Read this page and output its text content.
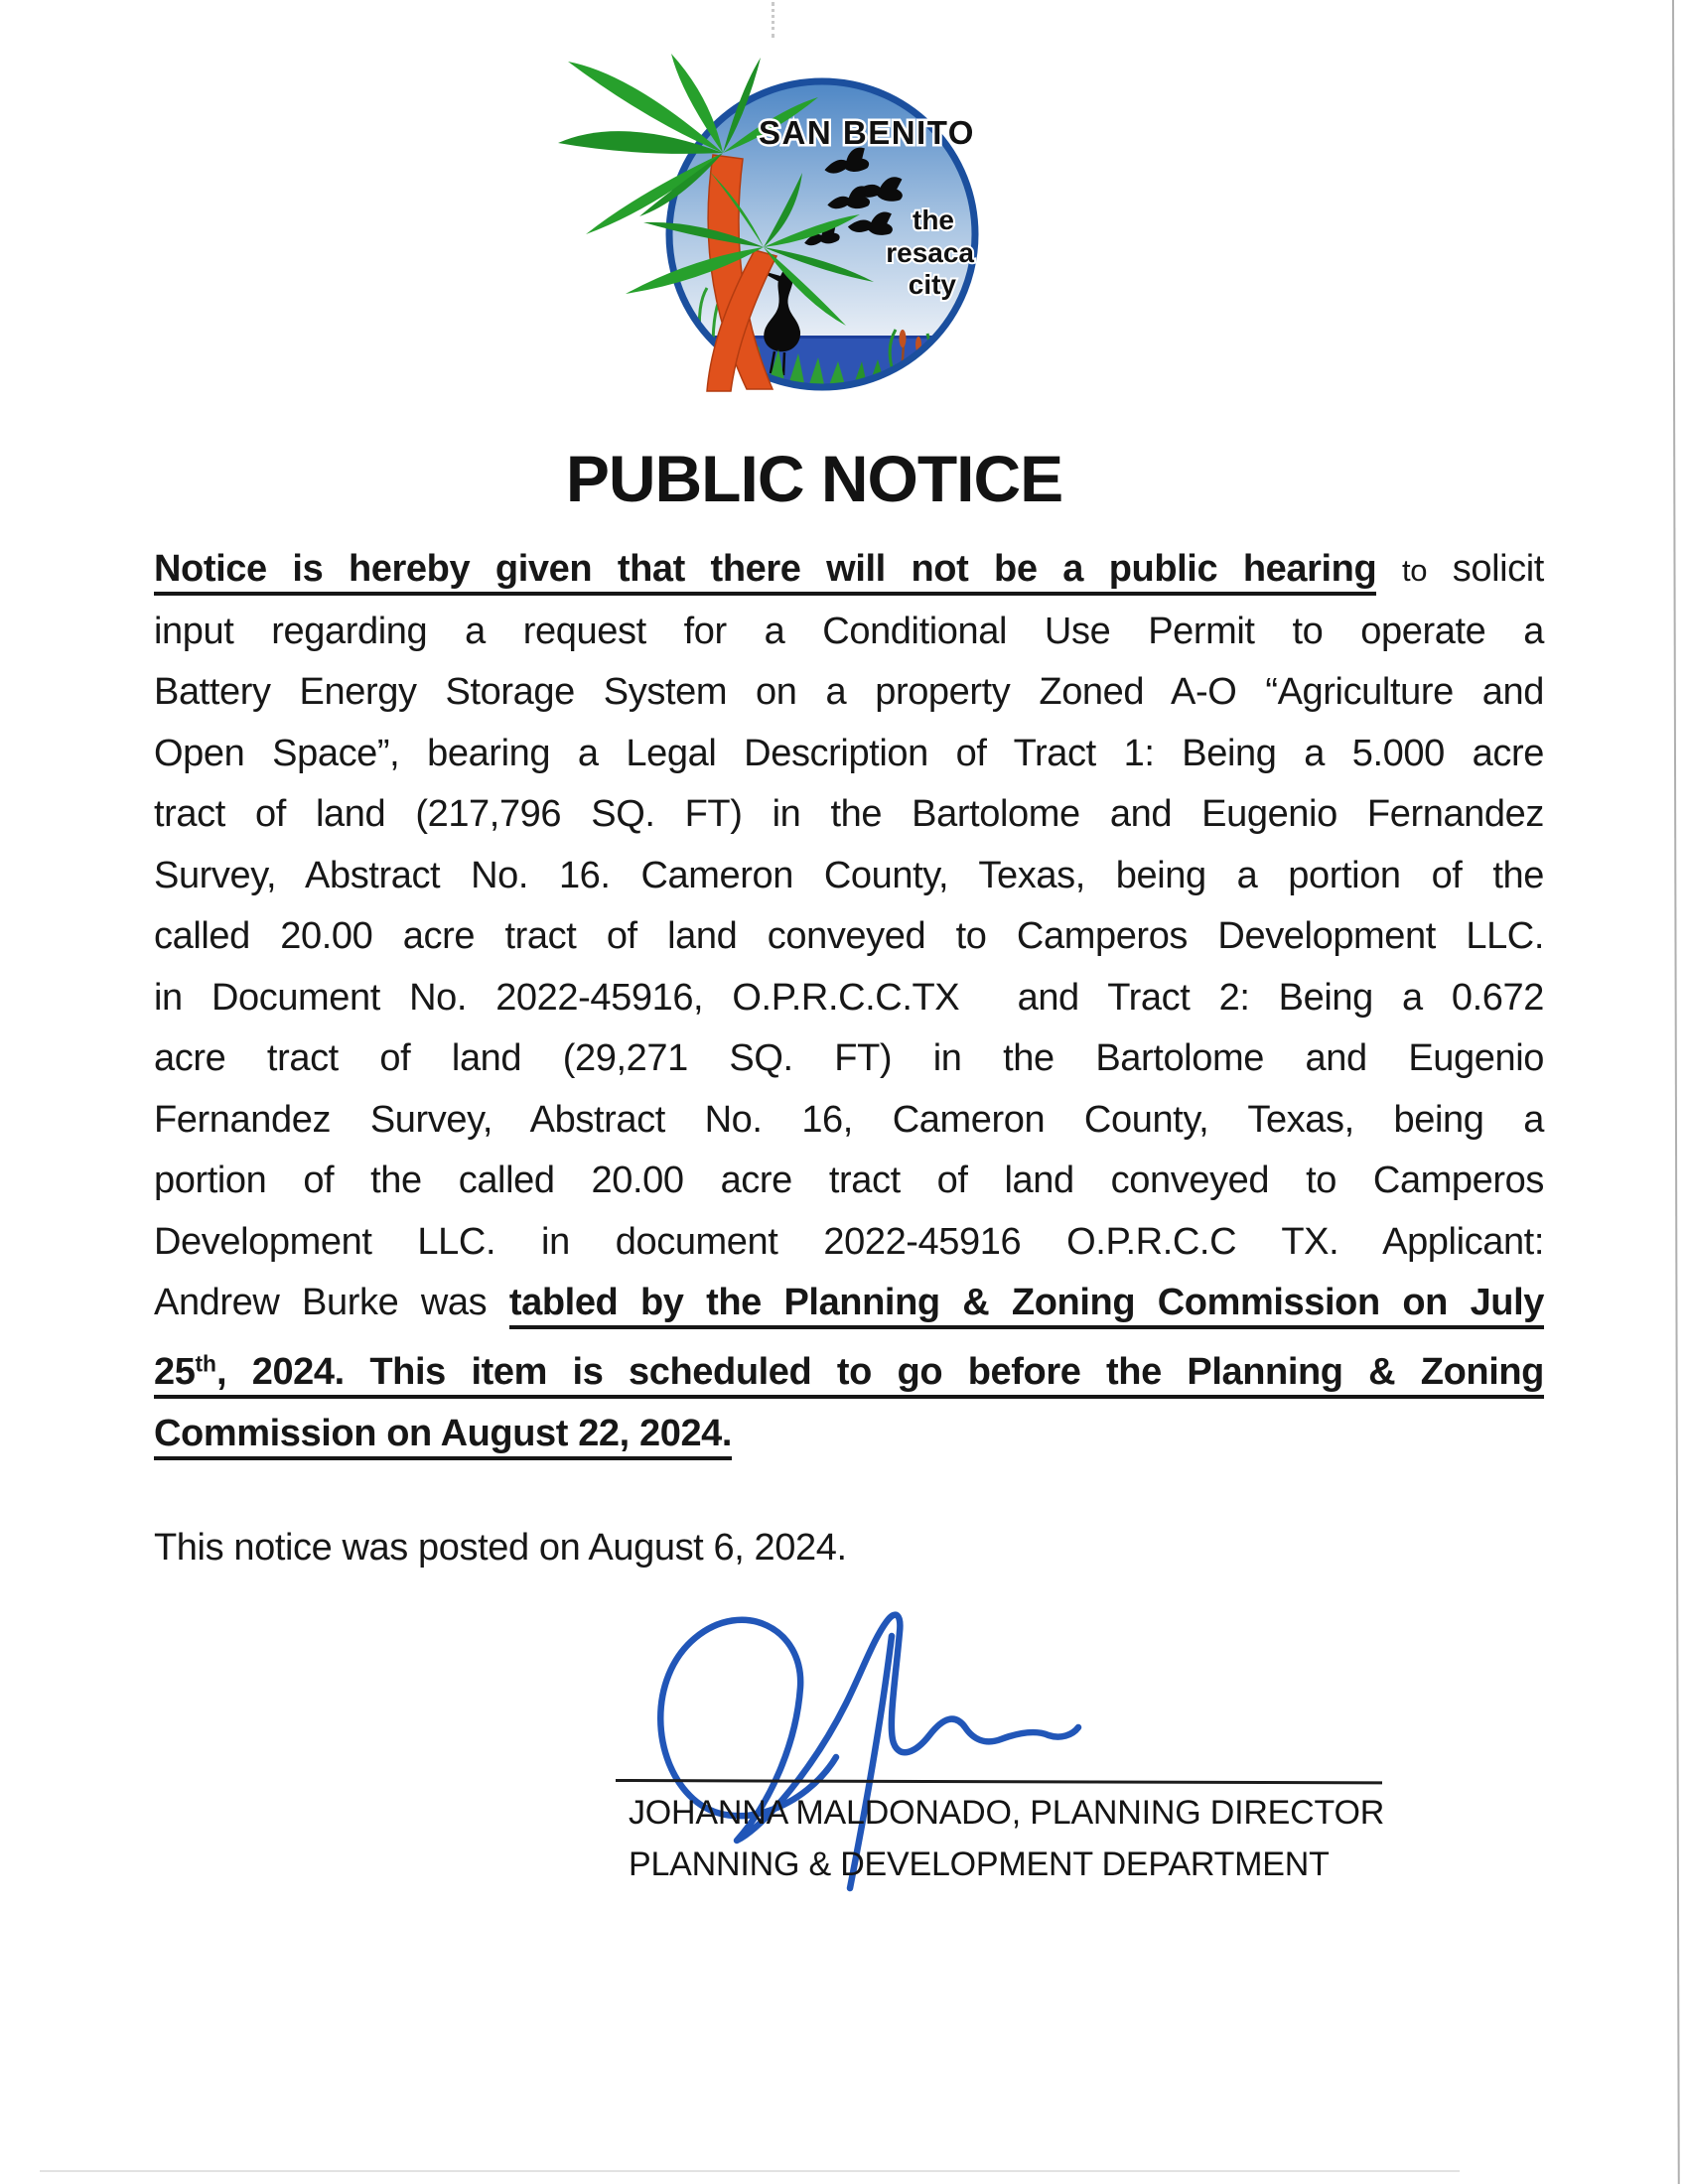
SAN BENITO
the
resaca
city
PUBLIC NOTICE
Notice is hereby given that there will not be a public hearing to solicit
input regarding a request for a Conditional Use Permit to operate a
Battery Energy Storage System on a property Zoned A-O “Agriculture and
Open Space”, bearing a Legal Description of Tract 1: Being a 5.000 acre
tract of land (217,796 SQ. FT) in the Bartolome and Eugenio Fernandez
Survey, Abstract No. 16. Cameron County, Texas, being a portion of the
called 20.00 acre tract of land conveyed to Camperos Development LLC.
in Document No. 2022-45916, O.P.R.C.C.TX  and Tract 2: Being a 0.672
acre tract of land (29,271 SQ. FT) in the Bartolome and Eugenio
Fernandez Survey, Abstract No. 16, Cameron County, Texas, being a
portion of the called 20.00 acre tract of land conveyed to Camperos
Development LLC. in document 2022-45916 O.P.R.C.C TX. Applicant:
Andrew Burke was tabled by the Planning & Zoning Commission on July
25th, 2024. This item is scheduled to go before the Planning & Zoning
Commission on August 22, 2024.
This notice was posted on August 6, 2024.
JOHANNA MALDONADO, PLANNING DIRECTOR
PLANNING & DEVELOPMENT DEPARTMENT
